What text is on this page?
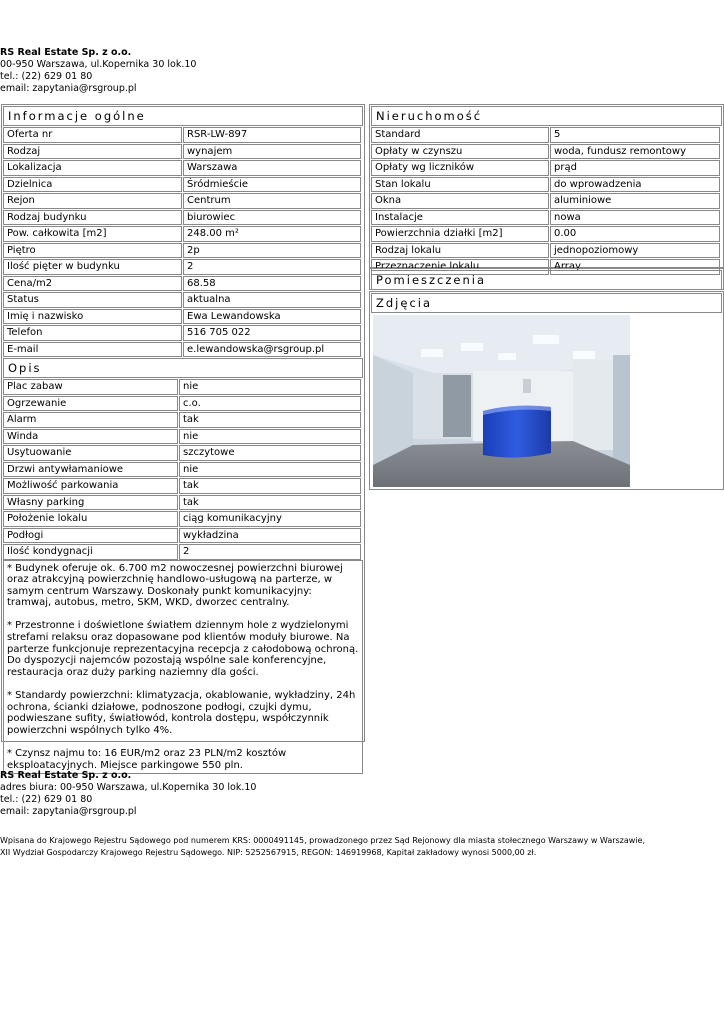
RS Real Estate Sp. z o.o.
00-950 Warszawa, ul.Kopernika 30 lok.10
tel.: (22) 629 01 80
email: zapytania@rsgroup.pl
Informacje ogólne
Oferta nr	RSR-LW-897
Rodzaj	wynajem
Lokalizacja	Warszawa
Dzielnica	Śródmieście
Rejon	Centrum
Rodzaj budynku	biurowiec
Pow. całkowita [m2]	248.00 m²
Piętro	2p
Ilość pięter w budynku	2
Cena/m2	68.58
Status	aktualna
Imię i nazwisko	Ewa Lewandowska
Telefon	516 705 022
E-mail	e.lewandowska@rsgroup.pl
Opis
Plac zabaw	nie
Ogrzewanie	c.o.
Alarm	tak
Winda	nie
Usytuowanie	szczytowe
Drzwi antywłamaniowe	nie
Możliwość parkowania	tak
Własny parking	tak
Położenie lokalu	ciąg komunikacyjny
Podłogi	wykładzina
Ilość kondygnacji	2

* Budynek oferuje ok. 6.700 m2 nowoczesnej powierzchni biurowej oraz atrakcyjną powierzchnię handlowo-usługową na parterze, w samym centrum Warszawy. Doskonały punkt komunikacyjny: tramwaj, autobus, metro, SKM, WKD, dworzec centralny.

* Przestronne i doświetlone światłem dziennym hole z wydzielonymi strefami relaksu oraz dopasowane pod klientów moduły biurowe. Na parterze funkcjonuje reprezentacyjna recepcja z całodobową ochroną. Do dyspozycji najemców pozostają wspólne sale konferencyjne, restauracja oraz duży parking naziemny dla gości.

* Standardy powierzchni: klimatyzacja, okablowanie, wykładziny, 24h ochrona, ścianki działowe, podnoszone podłogi, czujki dymu, podwieszane sufity, światłowód, kontrola dostępu, współczynnik powierzchni wspólnych tylko 4%.

* Czynsz najmu to: 16 EUR/m2 oraz 23 PLN/m2 kosztów eksploatacyjnych. Miejsce parkingowe 550 pln.

Nieruchomość
Standard	5
Opłaty w czynszu	woda, fundusz remontowy
Opłaty wg liczników	prąd
Stan lokalu	do wprowadzenia
Okna	aluminiowe
Instalacje	nowa
Powierzchnia działki [m2]	0.00
Rodzaj lokalu	jednopoziomowy
Przeznaczenie lokalu	Array
Pomieszczenia
Zdjęcia
RS Real Estate Sp. z o.o.
adres biura: 00-950 Warszawa, ul.Kopernika 30 lok.10
tel.: (22) 629 01 80
email: zapytania@rsgroup.pl
Wpisana do Krajowego Rejestru Sądowego pod numerem KRS: 0000491145, prowadzonego przez Sąd Rejonowy dla miasta stołecznego Warszawy w Warszawie,
XII Wydział Gospodarczy Krajowego Rejestru Sądowego. NIP: 5252567915, REGON: 146919968, Kapitał zakładowy wynosi 5000,00 zł.
